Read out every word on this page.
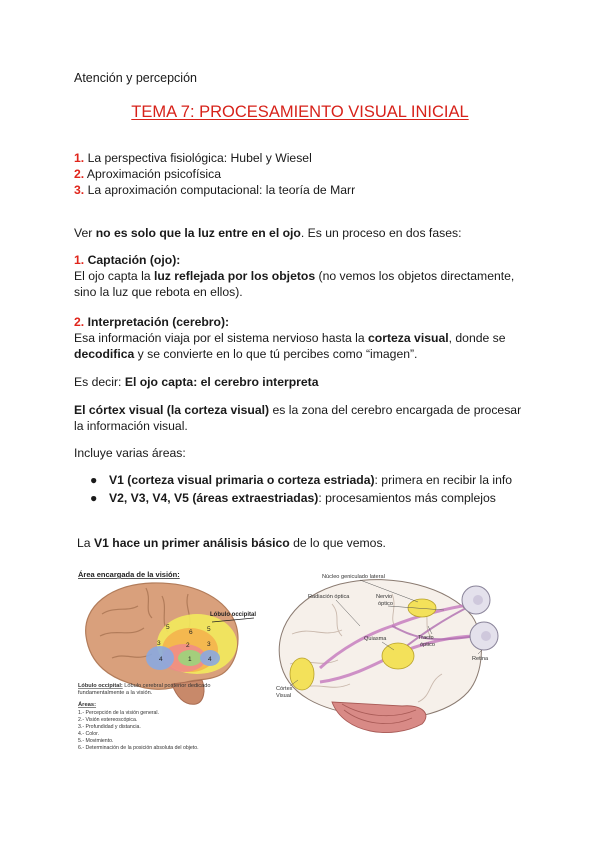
Atención y percepción
TEMA 7: PROCESAMIENTO VISUAL INICIAL
1. La perspectiva fisiológica: Hubel y Wiesel
2. Aproximación psicofísica
3. La aproximación computacional: la teoría de Marr
Ver no es solo que la luz entre en el ojo. Es un proceso en dos fases:
1. Captación (ojo):
El ojo capta la luz reflejada por los objetos (no vemos los objetos directamente,
sino la luz que rebota en ellos).
2. Interpretación (cerebro):
Esa información viaja por el sistema nervioso hasta la corteza visual, donde se
decodifica y se convierte en lo que tú percibes como “imagen”.
Es decir: El ojo capta: el cerebro interpreta
El córtex visual (la corteza visual) es la zona del cerebro encargada de procesar
la información visual.
Incluye varias áreas:
● V1 (corteza visual primaria o corteza estriada): primera en recibir la info
● V2, V3, V4, V5 (áreas extraestriadas): procesamientos más complejos
La V1 hace un primer análisis básico de lo que vemos.
Área encargada de la visión:
5
6
3
5
3
2
4	1	4
Lóbulo occipital
Lóbulo occipital: Lóbulo cerebral posterior dedicado
fundamentalmente a la visión.
Áreas:
1.- Percepción de la visión general.
2.- Visión estereoscópica.
3.- Profundidad y distancia.
4.- Color.
5.- Movimiento.
6.- Determinación de la posición absoluta del objeto.
Núcleo geniculado lateral
Radiación óptica	Nervio
óptico
Quiasma	Tracto
óptico
Retina
Córtex
Visual
